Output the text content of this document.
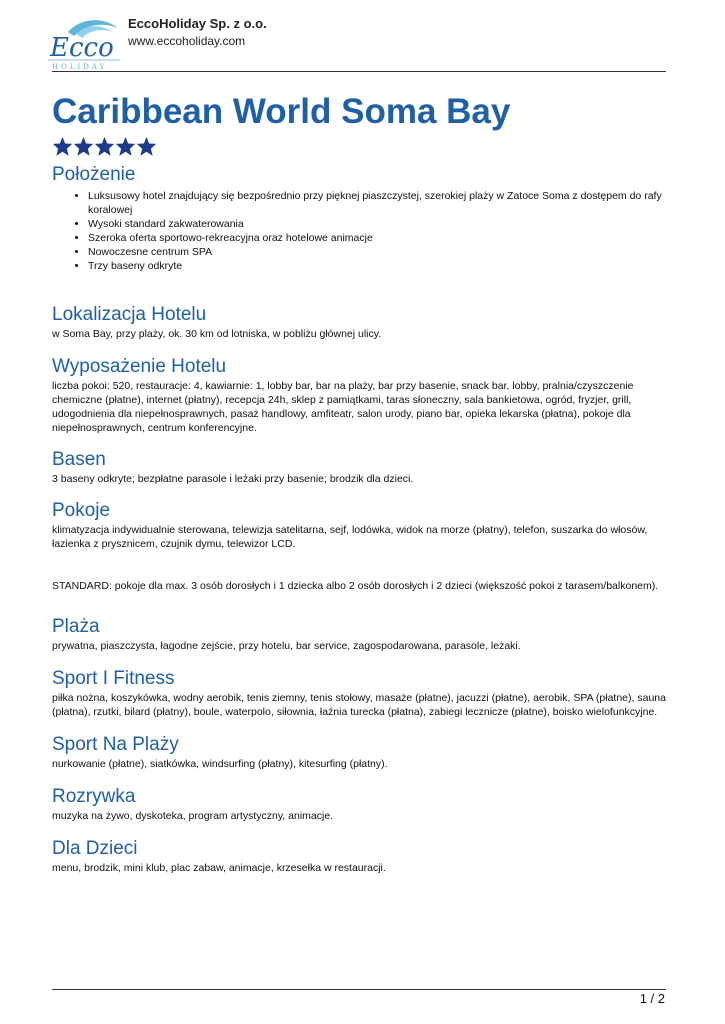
Ecco
HOLIDAY
EccoHoliday Sp. z o.o.
www.eccoholiday.com
Caribbean World Soma Bay
Położenie
• Luksusowy hotel znajdujący się bezpośrednio przy pięknej piaszczystej, szerokiej plaży w Zatoce Soma z dostępem do rafy koralowej
• Wysoki standard zakwaterowania
• Szeroka oferta sportowo-rekreacyjna oraz hotelowe animacje
• Nowoczesne centrum SPA
• Trzy baseny odkryte
Lokalizacja Hotelu

w Soma Bay, przy plaży, ok. 30 km od lotniska, w pobliżu głównej ulicy.

Wyposażenie Hotelu

liczba pokoi: 520, restauracje: 4, kawiarnie: 1, lobby bar, bar na plaży, bar przy basenie, snack bar, lobby, pralnia/czyszczenie chemiczne (płatne), internet (płatny), recepcja 24h, sklep z pamiątkami, taras słoneczny, sala bankietowa, ogród, fryzjer, grill, udogodnienia dla niepełnosprawnych, pasaż handlowy, amfiteatr, salon urody, piano bar, opieka lekarska (płatna), pokoje dla niepełnosprawnych, centrum konferencyjne.

Basen

3 baseny odkryte; bezpłatne parasole i leżaki przy basenie; brodzik dla dzieci.

Pokoje

klimatyzacja indywidualnie sterowana, telewizja satelitarna, sejf, lodówka, widok na morze (płatny), telefon, suszarka do włosów, łazienka z prysznicem, czujnik dymu, telewizor LCD.

STANDARD: pokoje dla max. 3 osób dorosłych i 1 dziecka albo 2 osób dorosłych i 2 dzieci (większość pokoi z tarasem/balkonem).

Plaża

prywatna, piaszczysta, łagodne zejście, przy hotelu, bar service, zagospodarowana, parasole, leżaki.

Sport I Fitness

piłka nożna, koszykówka, wodny aerobik, tenis ziemny, tenis stołowy, masaże (płatne), jacuzzi (płatne), aerobik, SPA (płatne), sauna (płatna), rzutki, bilard (płatny), boule, waterpolo, siłownia, łaźnia turecka (płatna), zabiegi lecznicze (płatne), boisko wielofunkcyjne.

Sport Na Plaży

nurkowanie (płatne), siatkówka, windsurfing (płatny), kitesurfing (płatny).

Rozrywka

muzyka na żywo, dyskoteka, program artystyczny, animacje.

Dla Dzieci

menu, brodzik, mini klub, plac zabaw, animacje, krzesełka w restauracji.

1 / 2
